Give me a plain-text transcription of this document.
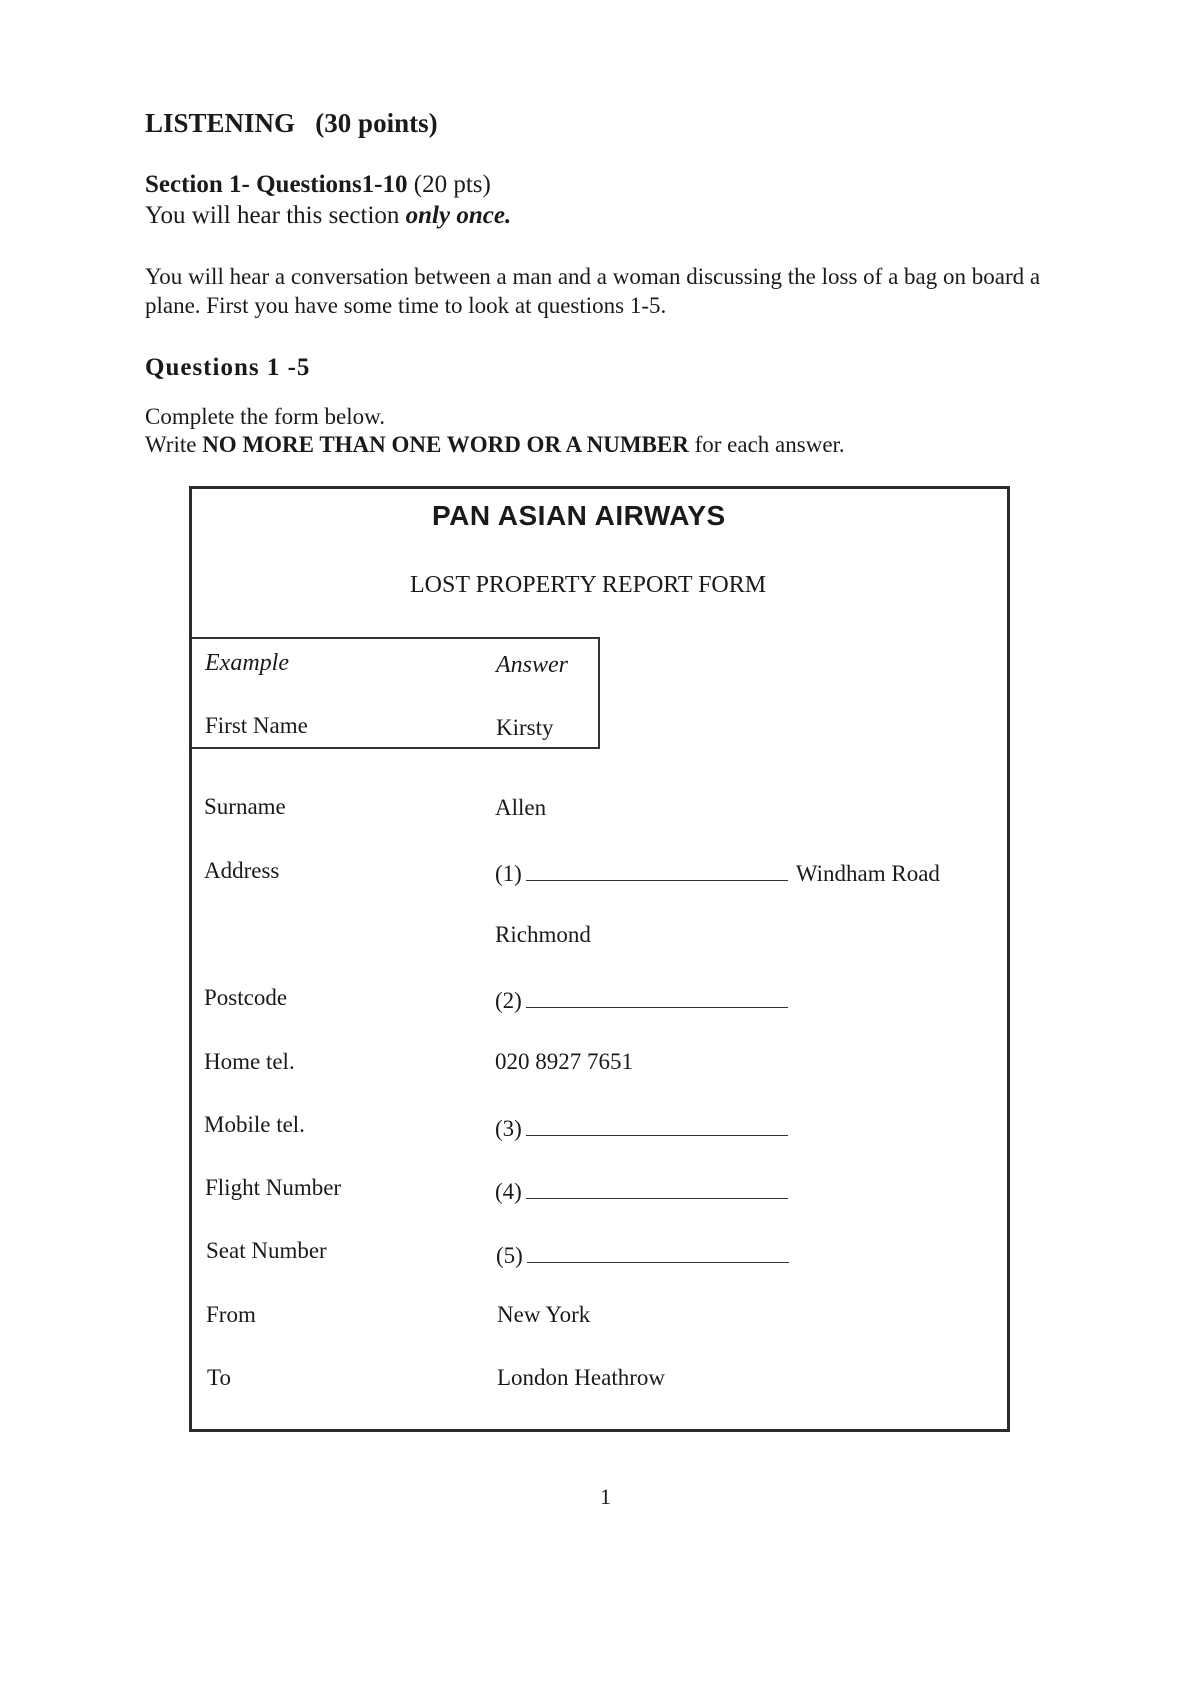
LISTENING   (30 points)
Section 1- Questions1-10 (20 pts)
You will hear this section only once.
You will hear a conversation between a man and a woman discussing the loss of a bag on board a plane. First you have some time to look at questions 1-5.
Questions 1 -5
Complete the form below.
Write NO MORE THAN ONE WORD OR A NUMBER for each answer.
PAN ASIAN AIRWAYS
LOST PROPERTY REPORT FORM
Example	Answer
First Name	Kirsty
Surname	Allen
Address	(1)	Windham Road
Richmond
Postcode	(2)
Home tel.	020 8927 7651
Mobile tel.	(3)
Flight Number	(4)
Seat Number	(5)
From	New York
To	London Heathrow
1
